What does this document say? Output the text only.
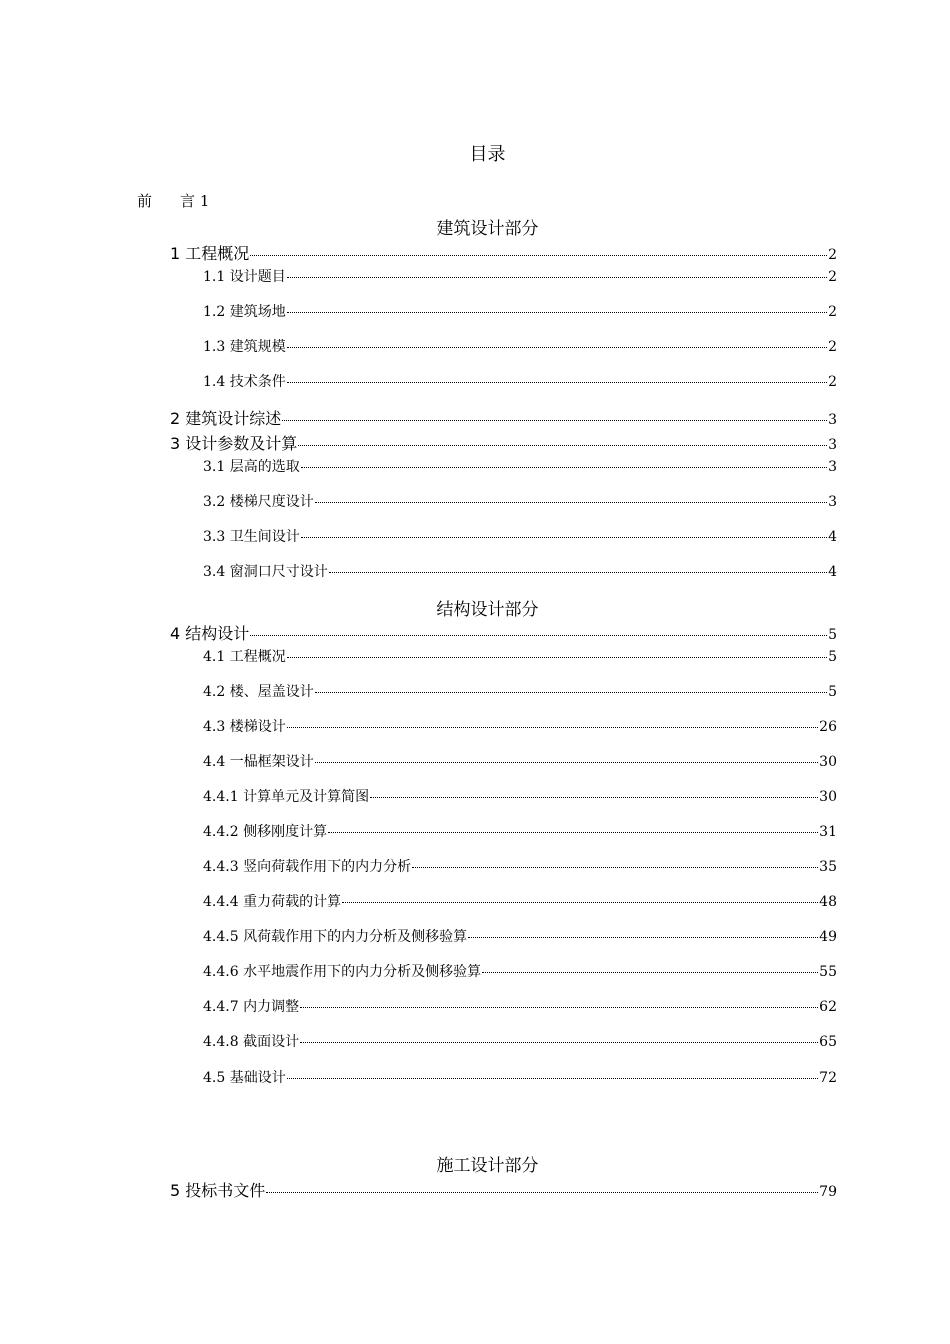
目录
前 言 1
建筑设计部分
1 工程概况	2
1.1 设计题目	2
1.2 建筑场地	2
1.3 建筑规模	2
1.4 技术条件	2
2 建筑设计综述	3
3 设计参数及计算	3
3.1 层高的选取	3
3.2 楼梯尺度设计	3
3.3 卫生间设计	4
3.4 窗洞口尺寸设计	4
结构设计部分
4 结构设计	5
4.1 工程概况	5
4.2 楼、屋盖设计	5
4.3 楼梯设计	26
4.4 一榀框架设计	30
4.4.1 计算单元及计算简图	30
4.4.2 侧移刚度计算	31
4.4.3 竖向荷载作用下的内力分析	35
4.4.4 重力荷载的计算	48
4.4.5 风荷载作用下的内力分析及侧移验算	49
4.4.6 水平地震作用下的内力分析及侧移验算	55
4.4.7 内力调整	62
4.4.8 截面设计	65
4.5 基础设计	72
施工设计部分
5 投标书文件	79
